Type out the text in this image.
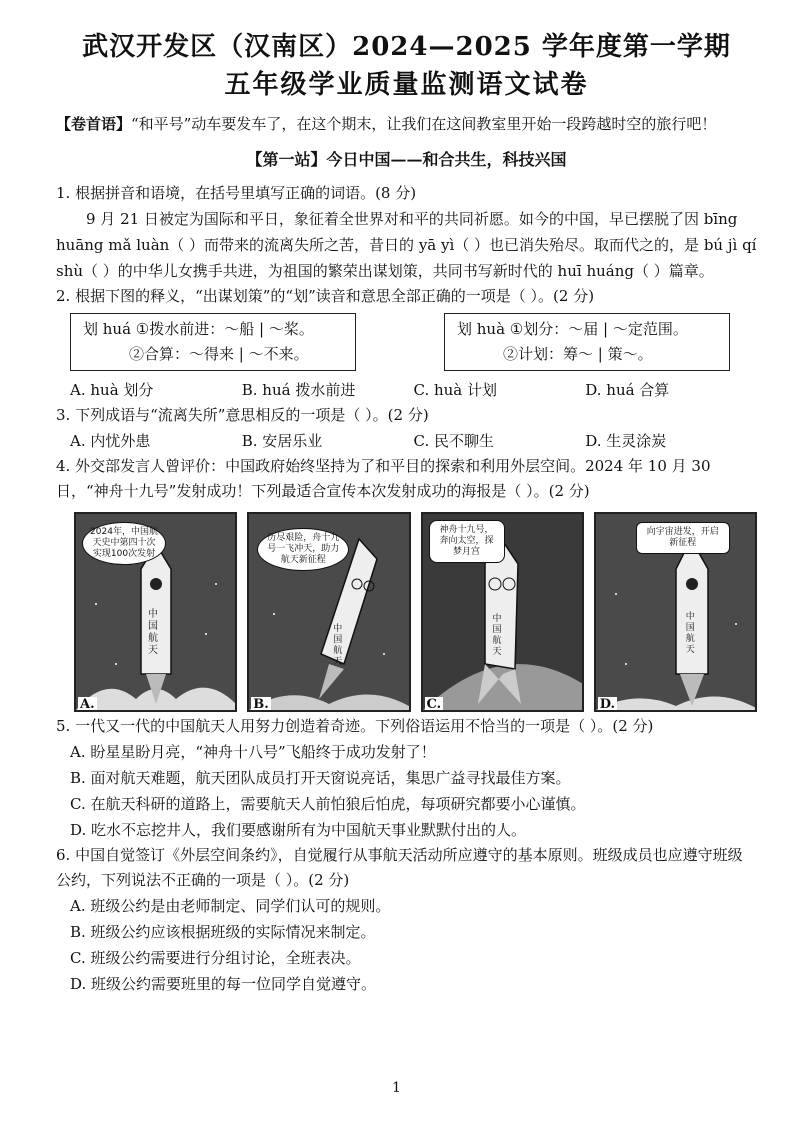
武汉开发区（汉南区）2024—2025 学年度第一学期
五年级学业质量监测语文试卷

【卷首语】“和平号”动车要发车了，在这个期末，让我们在这间教室里开始一段跨越时空的旅行吧！

【第一站】今日中国——和合共生，科技兴国

1. 根据拼音和语境，在括号里填写正确的词语。(8 分)

9 月 21 日被定为国际和平日，象征着全世界对和平的共同祈愿。如今的中国，早已摆脱了因 bīng huāng mǎ luàn（ ）而带来的流离失所之苦，昔日的 yā yì（ ）也已消失殆尽。取而代之的，是 bú jì qí shù（ ）的中华儿女携手共进，为祖国的繁荣出谋划策，共同书写新时代的 huī huáng（ ）篇章。

2. 根据下图的释义，“出谋划策”的“划”读音和意思全部正确的一项是（ ）。(2 分)

划 huá ①拨水前进：～船 | ～桨。
②合算：～得来 | ～不来。
划 huà ①划分：～届 | ～定范围。
②计划：筹～ | 策～。
A. huà 划分	B. huá 拨水前进	C. huà 计划	D. huá 合算

3. 下列成语与“流离失所”意思相反的一项是（ ）。(2 分)

A. 内忧外患	B. 安居乐业	C. 民不聊生	D. 生灵涂炭

4. 外交部发言人曾评价：中国政府始终坚持为了和平目的探索和利用外层空间。2024 年 10 月 30 日，“神舟十九号”发射成功！下列最适合宣传本次发射成功的海报是（ ）。(2 分)

2024年，中国航天史中第四十次实现100次发射
中国航天
A.
历尽艰险，舟十九号一飞冲天，助力航天新征程
中国航天
B.
神舟十九号，奔向太空，探梦月宫
中国航天
C.
向宇宙进发，开启新征程
中国航天
D.

5. 一代又一代的中国航天人用努力创造着奇迹。下列俗语运用不恰当的一项是（ ）。(2 分)

A. 盼星星盼月亮，“神舟十八号”飞船终于成功发射了！
B. 面对航天难题，航天团队成员打开天窗说亮话，集思广益寻找最佳方案。
C. 在航天科研的道路上，需要航天人前怕狼后怕虎，每项研究都要小心谨慎。
D. 吃水不忘挖井人，我们要感谢所有为中国航天事业默默付出的人。

6. 中国自觉签订《外层空间条约》，自觉履行从事航天活动所应遵守的基本原则。班级成员也应遵守班级公约，下列说法不正确的一项是（ ）。(2 分)

A. 班级公约是由老师制定、同学们认可的规则。
B. 班级公约应该根据班级的实际情况来制定。
C. 班级公约需要进行分组讨论，全班表决。
D. 班级公约需要班里的每一位同学自觉遵守。
1
